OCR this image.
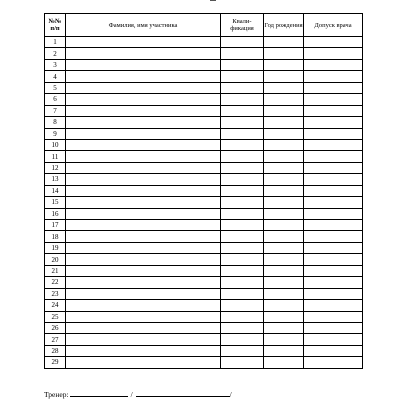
№№ п/п	Фамилия, имя участника	Квали-фикация	Год рождения	Допуск врача
1				
2				
3				
4				
5				
6				
7				
8				
9				
10				
11				
12				
13				
14				
15				
16				
17				
18				
19				
20				
21				
22				
23				
24				
25				
26				
27				
28				
29				
Тренер:	/	/
